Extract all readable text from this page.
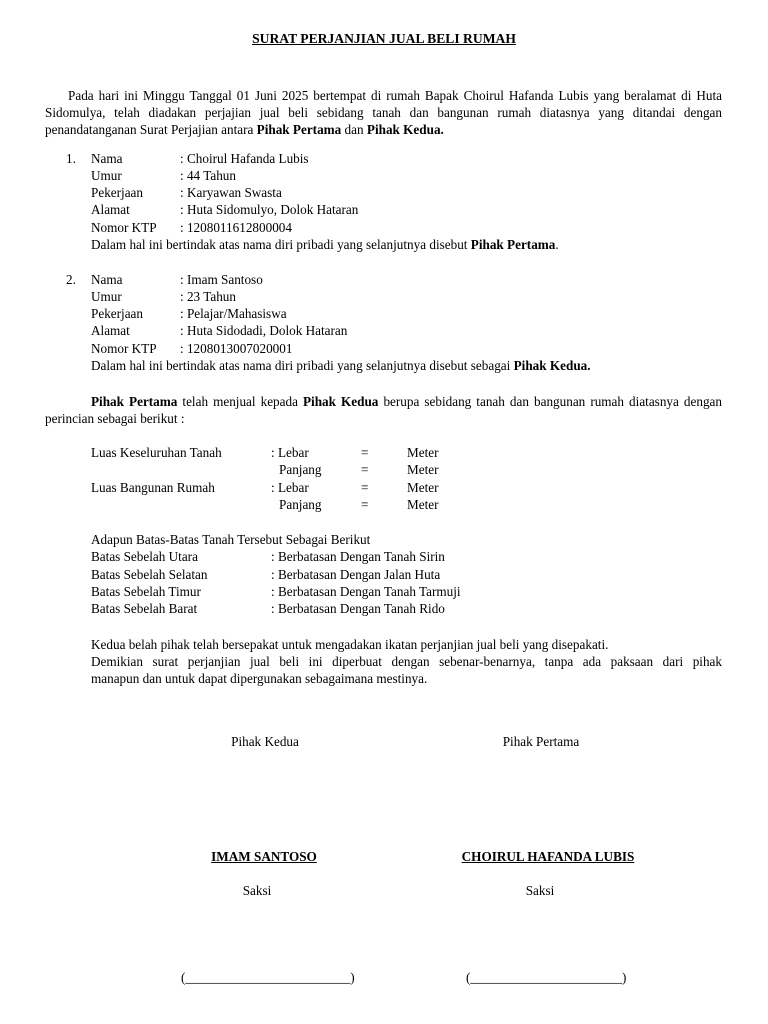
SURAT PERJANJIAN JUAL BELI RUMAH
Pada hari ini Minggu Tanggal 01 Juni 2025 bertempat di rumah Bapak Choirul Hafanda Lubis yang beralamat di Huta Sidomulya, telah diadakan perjajian jual beli sebidang tanah dan bangunan rumah diatasnya yang ditandai dengan penandatanganan Surat Perjajian antara Pihak Pertama dan Pihak Kedua.
1. Nama	: Choirul Hafanda Lubis
Umur	: 44 Tahun
Pekerjaan	: Karyawan Swasta
Alamat	: Huta Sidomulyo, Dolok Hataran
Nomor KTP : 1208011612800004
Dalam hal ini bertindak atas nama diri pribadi yang selanjutnya disebut Pihak Pertama.
2. Nama	: Imam Santoso
Umur	: 23 Tahun
Pekerjaan	: Pelajar/Mahasiswa
Alamat	: Huta Sidodadi, Dolok Hataran
Nomor KTP : 1208013007020001
Dalam hal ini bertindak atas nama diri pribadi yang selanjutnya disebut sebagai Pihak Kedua.
Pihak Pertama telah menjual kepada Pihak Kedua berupa sebidang tanah dan bangunan rumah diatasnya dengan perincian sebagai berikut :
Luas Keseluruhan Tanah	: Lebar	=	Meter
Panjang	=	Meter
Luas Bangunan Rumah	: Lebar	=	Meter
Panjang	=	Meter
Adapun Batas-Batas Tanah Tersebut Sebagai Berikut
Batas Sebelah Utara	: Berbatasan Dengan Tanah Sirin
Batas Sebelah Selatan	: Berbatasan Dengan Jalan Huta
Batas Sebelah Timur	: Berbatasan Dengan Tanah Tarmuji
Batas Sebelah Barat	: Berbatasan Dengan Tanah Rido
Kedua belah pihak telah bersepakat untuk mengadakan ikatan perjanjian jual beli yang disepakati.
Demikian surat perjanjian jual beli ini diperbuat dengan sebenar-benarnya, tanpa ada paksaan dari pihak
manapun dan untuk dapat dipergunakan sebagaimana mestinya.
Pihak Kedua	Pihak Pertama
IMAM SANTOSO	CHOIRUL HAFANDA LUBIS
Saksi	Saksi
(_________________________)	(_______________________)
